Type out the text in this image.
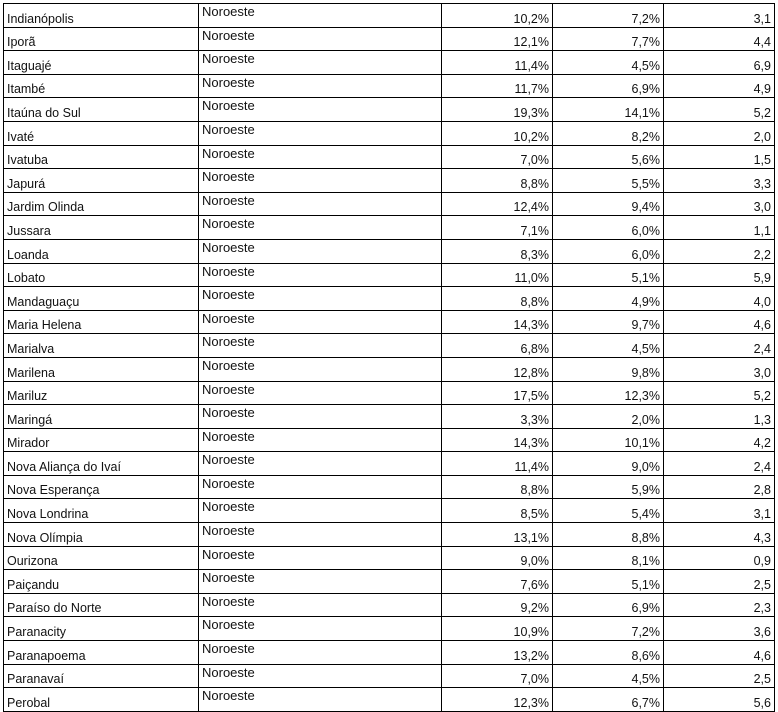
Indianópolis	Noroeste	10,2%	7,2%	3,1
Iporã	Noroeste	12,1%	7,7%	4,4
Itaguajé	Noroeste	11,4%	4,5%	6,9
Itambé	Noroeste	11,7%	6,9%	4,9
Itaúna do Sul	Noroeste	19,3%	14,1%	5,2
Ivaté	Noroeste	10,2%	8,2%	2,0
Ivatuba	Noroeste	7,0%	5,6%	1,5
Japurá	Noroeste	8,8%	5,5%	3,3
Jardim Olinda	Noroeste	12,4%	9,4%	3,0
Jussara	Noroeste	7,1%	6,0%	1,1
Loanda	Noroeste	8,3%	6,0%	2,2
Lobato	Noroeste	11,0%	5,1%	5,9
Mandaguaçu	Noroeste	8,8%	4,9%	4,0
Maria Helena	Noroeste	14,3%	9,7%	4,6
Marialva	Noroeste	6,8%	4,5%	2,4
Marilena	Noroeste	12,8%	9,8%	3,0
Mariluz	Noroeste	17,5%	12,3%	5,2
Maringá	Noroeste	3,3%	2,0%	1,3
Mirador	Noroeste	14,3%	10,1%	4,2
Nova Aliança do Ivaí	Noroeste	11,4%	9,0%	2,4
Nova Esperança	Noroeste	8,8%	5,9%	2,8
Nova Londrina	Noroeste	8,5%	5,4%	3,1
Nova Olímpia	Noroeste	13,1%	8,8%	4,3
Ourizona	Noroeste	9,0%	8,1%	0,9
Paiçandu	Noroeste	7,6%	5,1%	2,5
Paraíso do Norte	Noroeste	9,2%	6,9%	2,3
Paranacity	Noroeste	10,9%	7,2%	3,6
Paranapoema	Noroeste	13,2%	8,6%	4,6
Paranavaí	Noroeste	7,0%	4,5%	2,5
Perobal	Noroeste	12,3%	6,7%	5,6
